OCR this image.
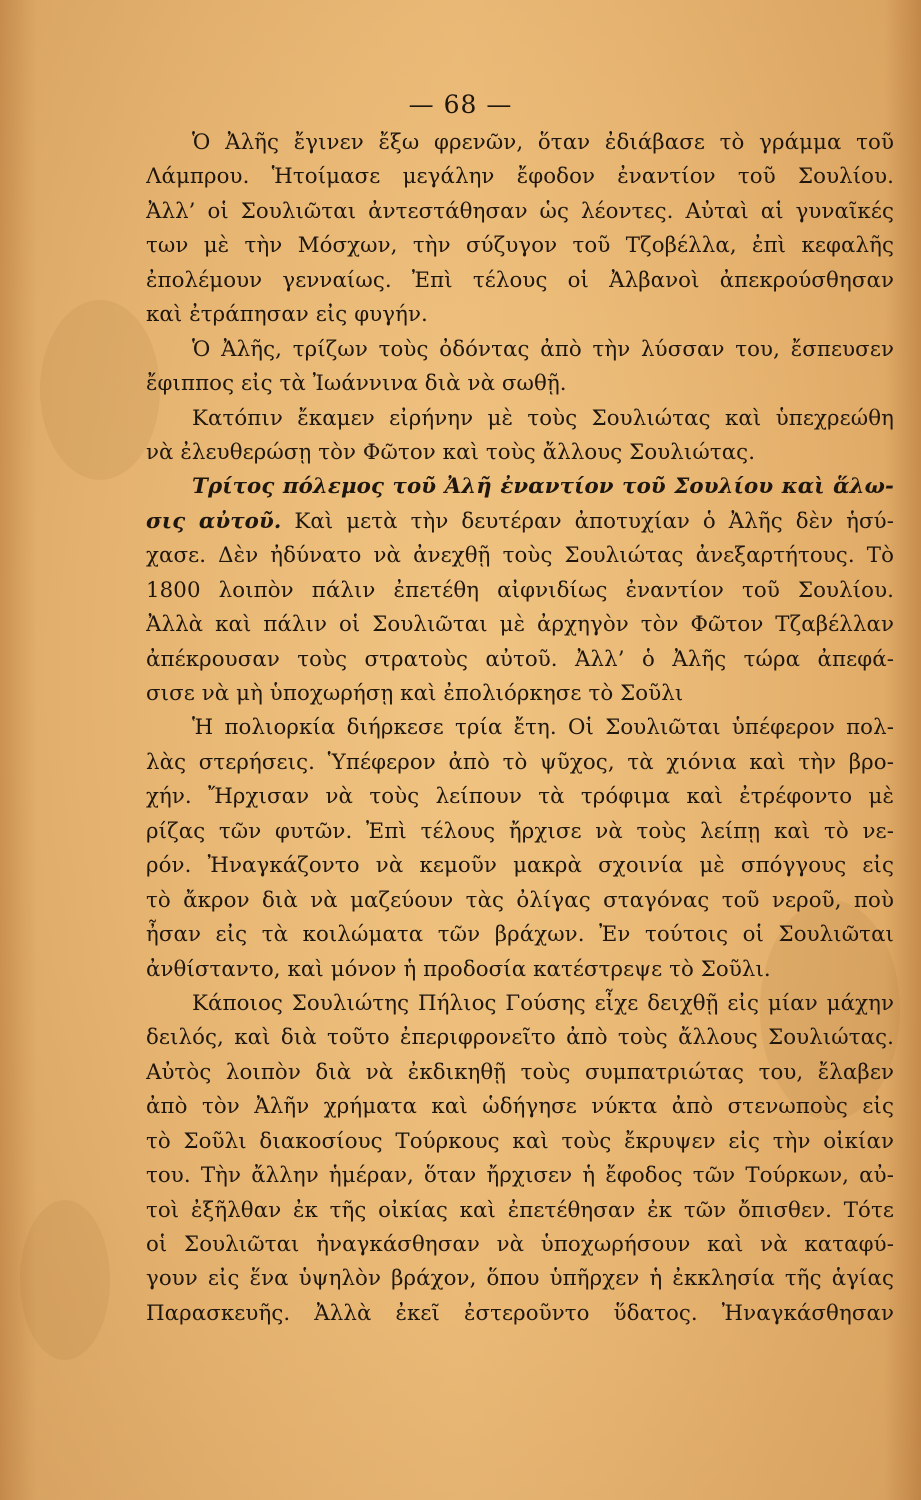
— 68 —
Ὁ Ἀλῆς ἔγινεν ἔξω φρενῶν, ὅταν ἐδιάβασε τὸ γράμμα τοῦ
Λάμπρου. Ἡτοίμασε μεγάλην ἔφοδον ἐναντίον τοῦ Σουλίου.
Ἀλλ’ οἱ Σουλιῶται ἀντεστάθησαν ὡς λέοντες. Αὐταὶ αἱ γυναῖκές
των μὲ τὴν Μόσχων, τὴν σύζυγον τοῦ Τζοβέλλα, ἐπὶ κεφαλῆς
ἐπολέμουν γενναίως. Ἐπὶ τέλους οἱ Ἀλβανοὶ ἀπεκρούσθησαν
καὶ ἐτράπησαν εἰς φυγήν.
Ὁ Ἀλῆς, τρίζων τοὺς ὀδόντας ἀπὸ τὴν λύσσαν του, ἔσπευσεν
ἔφιππος εἰς τὰ Ἰωάννινα διὰ νὰ σωθῇ.
Κατόπιν ἔκαμεν εἰρήνην μὲ τοὺς Σουλιώτας καὶ ὑπεχρεώθη
νὰ ἐλευθερώσῃ τὸν Φῶτον καὶ τοὺς ἄλλους Σουλιώτας.
Τρίτος πόλεμος τοῦ Ἀλῆ ἐναντίον τοῦ Σουλίου καὶ ἅλω-
σις αὐτοῦ. Καὶ μετὰ τὴν δευτέραν ἀποτυχίαν ὁ Ἀλῆς δὲν ἡσύ-
χασε. Δὲν ἠδύνατο νὰ ἀνεχθῇ τοὺς Σουλιώτας ἀνεξαρτήτους. Τὸ
1800 λοιπὸν πάλιν ἐπετέθη αἰφνιδίως ἐναντίον τοῦ Σουλίου.
Ἀλλὰ καὶ πάλιν οἱ Σουλιῶται μὲ ἀρχηγὸν τὸν Φῶτον Τζαβέλλαν
ἀπέκρουσαν τοὺς στρατοὺς αὐτοῦ. Ἀλλ’ ὁ Ἀλῆς τώρα ἀπεφά-
σισε νὰ μὴ ὑποχωρήσῃ καὶ ἐπολιόρκησε τὸ Σοῦλι
Ἡ πολιορκία διήρκεσε τρία ἔτη. Οἱ Σουλιῶται ὑπέφερον πολ-
λὰς στερήσεις. Ὑπέφερον ἀπὸ τὸ ψῦχος, τὰ χιόνια καὶ τὴν βρο-
χήν. Ἤρχισαν νὰ τοὺς λείπουν τὰ τρόφιμα καὶ ἐτρέφοντο μὲ
ρίζας τῶν φυτῶν. Ἐπὶ τέλους ἤρχισε νὰ τοὺς λείπῃ καὶ τὸ νε-
ρόν. Ἠναγκάζοντο νὰ κεμοῦν μακρὰ σχοινία μὲ σπόγγους εἰς
τὸ ἄκρον διὰ νὰ μαζεύουν τὰς ὀλίγας σταγόνας τοῦ νεροῦ, ποὺ
ἦσαν εἰς τὰ κοιλώματα τῶν βράχων. Ἐν τούτοις οἱ Σουλιῶται
ἀνθίσταντο, καὶ μόνον ἡ προδοσία κατέστρεψε τὸ Σοῦλι.
Κάποιος Σουλιώτης Πήλιος Γούσης εἶχε δειχθῇ εἰς μίαν μάχην
δειλός, καὶ διὰ τοῦτο ἐπεριφρονεῖτο ἀπὸ τοὺς ἄλλους Σουλιώτας.
Αὐτὸς λοιπὸν διὰ νὰ ἐκδικηθῇ τοὺς συμπατριώτας του, ἔλαβεν
ἀπὸ τὸν Ἀλῆν χρήματα καὶ ὡδήγησε νύκτα ἀπὸ στενωποὺς εἰς
τὸ Σοῦλι διακοσίους Τούρκους καὶ τοὺς ἔκρυψεν εἰς τὴν οἰκίαν
του. Τὴν ἄλλην ἡμέραν, ὅταν ἤρχισεν ἡ ἔφοδος τῶν Τούρκων, αὐ-
τοὶ ἐξῆλθαν ἐκ τῆς οἰκίας καὶ ἐπετέθησαν ἐκ τῶν ὄπισθεν. Τότε
οἱ Σουλιῶται ἠναγκάσθησαν νὰ ὑποχωρήσουν καὶ νὰ καταφύ-
γουν εἰς ἕνα ὑψηλὸν βράχον, ὅπου ὑπῆρχεν ἡ ἐκκλησία τῆς ἁγίας
Παρασκευῆς. Ἀλλὰ ἐκεῖ ἐστεροῦντο ὕδατος. Ἠναγκάσθησαν
